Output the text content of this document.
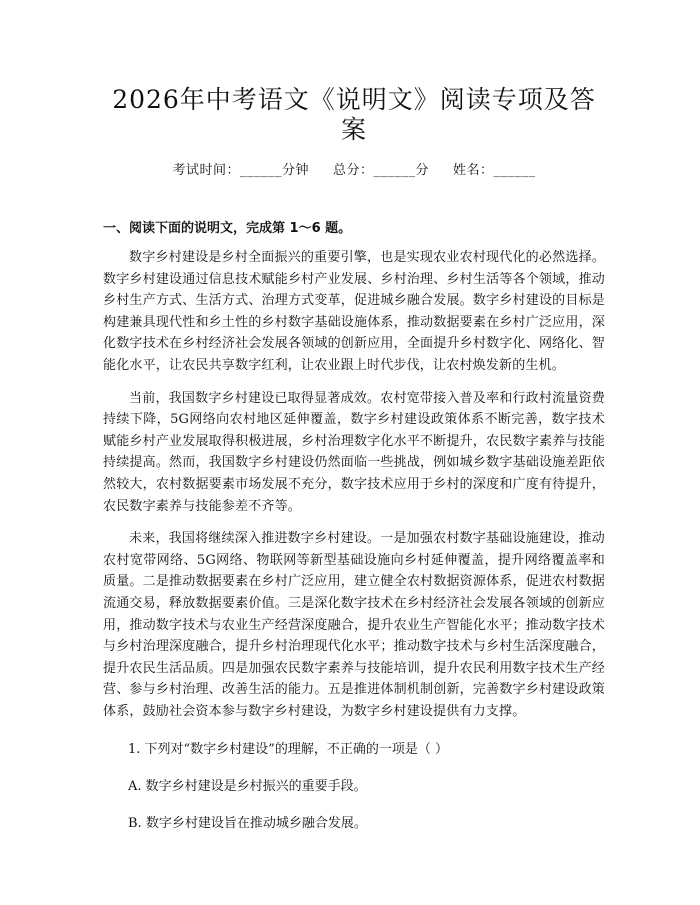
2026年中考语文《说明文》阅读专项及答案
考试时间：______分钟 总分：______分 姓名：______
一、阅读下面的说明文，完成第 1～6 题。

数字乡村建设是乡村全面振兴的重要引擎，也是实现农业农村现代化的必然选择。数字乡村建设通过信息技术赋能乡村产业发展、乡村治理、乡村生活等各个领域，推动乡村生产方式、生活方式、治理方式变革，促进城乡融合发展。数字乡村建设的目标是构建兼具现代性和乡土性的乡村数字基础设施体系，推动数据要素在乡村广泛应用，深化数字技术在乡村经济社会发展各领域的创新应用，全面提升乡村数字化、网络化、智能化水平，让农民共享数字红利，让农业跟上时代步伐，让农村焕发新的生机。

当前，我国数字乡村建设已取得显著成效。农村宽带接入普及率和行政村流量资费持续下降，5G网络向农村地区延伸覆盖，数字乡村建设政策体系不断完善，数字技术赋能乡村产业发展取得积极进展，乡村治理数字化水平不断提升，农民数字素养与技能持续提高。然而，我国数字乡村建设仍然面临一些挑战，例如城乡数字基础设施差距依然较大，农村数据要素市场发展不充分，数字技术应用于乡村的深度和广度有待提升，农民数字素养与技能参差不齐等。

未来，我国将继续深入推进数字乡村建设。一是加强农村数字基础设施建设，推动农村宽带网络、5G网络、物联网等新型基础设施向乡村延伸覆盖，提升网络覆盖率和质量。二是推动数据要素在乡村广泛应用，建立健全农村数据资源体系，促进农村数据流通交易，释放数据要素价值。三是深化数字技术在乡村经济社会发展各领域的创新应用，推动数字技术与农业生产经营深度融合，提升农业生产智能化水平；推动数字技术与乡村治理深度融合，提升乡村治理现代化水平；推动数字技术与乡村生活深度融合，提升农民生活品质。四是加强农民数字素养与技能培训，提升农民利用数字技术生产经营、参与乡村治理、改善生活的能力。五是推进体制机制创新，完善数字乡村建设政策体系，鼓励社会资本参与数字乡村建设，为数字乡村建设提供有力支撑。

1. 下列对“数字乡村建设”的理解，不正确的一项是（ ）

A. 数字乡村建设是乡村振兴的重要手段。

B. 数字乡村建设旨在推动城乡融合发展。
